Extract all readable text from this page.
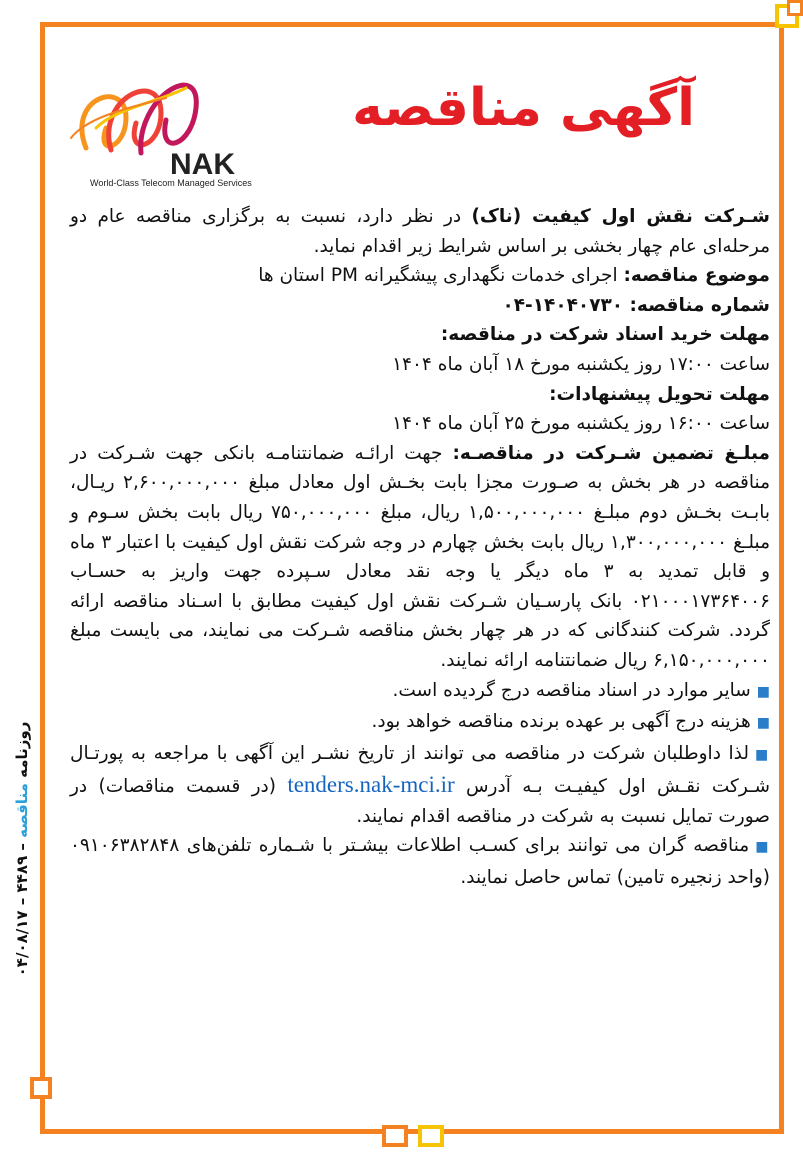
روزنامه مناقصه – ۴۴۸۹ – ۰۴/۰۸/۱۷
NAK
World-Class Telecom Managed Services
آگهی مناقصه

شـرکت نقش اول کیفیت (ناک) در نظر دارد، نسبت به برگزاری مناقصه عام دو مرحله‌ای عام چهار بخشی بر اساس شرایط زیر اقدام نماید.

موضوع مناقصه: اجرای خدمات نگهداری پیشگیرانه PM استان ها

شماره مناقصه: ۱۴۰۴۰۷۳۰-۰۴

مهلت خرید اسناد شرکت در مناقصه:

ساعت ۱۷:۰۰ روز یکشنبه مورخ ۱۸ آبان ماه ۱۴۰۴

مهلت تحویل پیشنهادات:

ساعت ۱۶:۰۰ روز یکشنبه مورخ ۲۵ آبان ماه ۱۴۰۴

مبلـغ تضمین شـرکت در مناقصـه: جهت ارائـه ضمانتنامـه بانکی جهت شـرکت در مناقصه در هر بخش به صـورت مجزا بابت بخـش اول معادل مبلغ ۲,۶۰۰,۰۰۰,۰۰۰ ریـال، بابـت بخـش دوم مبلـغ ۱,۵۰۰,۰۰۰,۰۰۰ ریال، مبلغ ۷۵۰,۰۰۰,۰۰۰ ریال بابت بخش سـوم و مبلـغ ۱,۳۰۰,۰۰۰,۰۰۰ ریال بابت بخش چهارم در وجه شرکت نقش اول کیفیت با اعتبار ۳ ماه و قابل تمدید به ۳ ماه دیگر یا وجه نقد معادل سـپرده جهت واریز به حسـاب ۰۲۱۰۰۰۱۷۳۶۴۰۰۶ بانک پارسـیان شـرکت نقش اول کیفیت مطابق با اسـناد مناقصه ارائه گردد. شرکت کنندگانی که در هر چهار بخش مناقصه شـرکت می نمایند، می بایست مبلغ ۶,۱۵۰,۰۰۰,۰۰۰ ریال ضمانتنامه ارائه نمایند.

■سایر موارد در اسناد مناقصه درج گردیده است.

■هزینه درج آگهی بر عهده برنده مناقصه خواهد بود.

■لذا داوطلبان شرکت در مناقصه می توانند از تاریخ نشـر این آگهی با مراجعه به پورتـال شـرکت نقـش اول کیفیـت بـه آدرس tenders.nak-mci.ir (در قسمت مناقصات) در صورت تمایل نسبت به شرکت در مناقصه اقدام نمایند.

■مناقصه گران می توانند برای کسـب اطلاعات بیشـتر با شـماره تلفن‌های ۰۹۱۰۶۳۸۲۸۴۸ (واحد زنجیره تامین) تماس حاصل نمایند.
